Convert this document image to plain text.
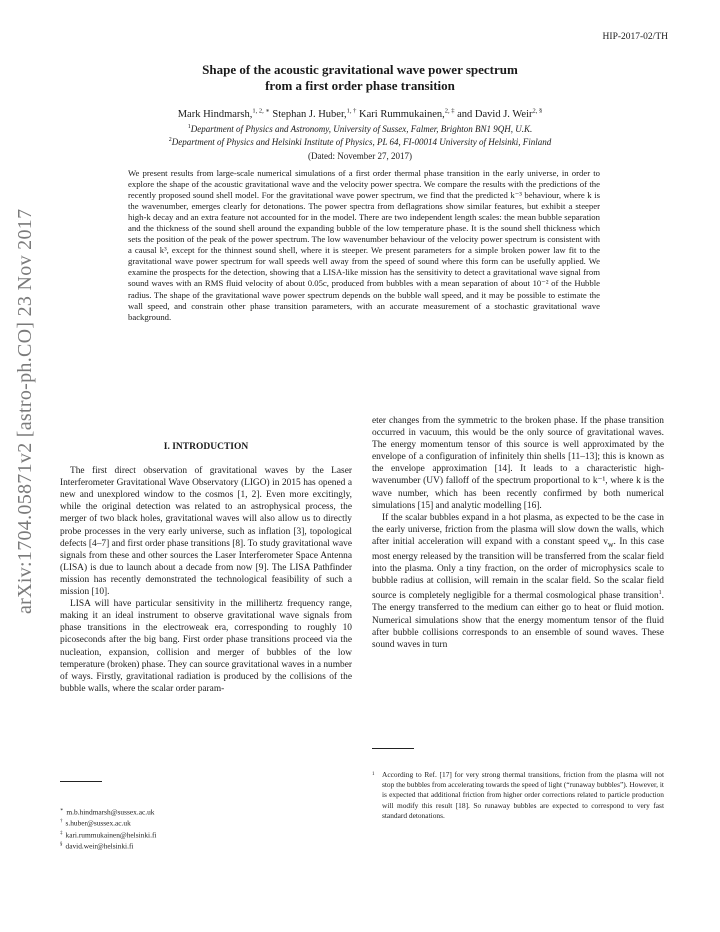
HIP-2017-02/TH
arXiv:1704.05871v2 [astro-ph.CO] 23 Nov 2017
Shape of the acoustic gravitational wave power spectrum
from a first order phase transition
Mark Hindmarsh,$^{1, 2, ∗}$ Stephan J. Huber,$^{1, \dagger}$ Kari Rummukainen,$^{2, \ddagger}$ and David J. Weir$^{2, \S}$
$^1$Department of Physics and Astronomy, University of Sussex, Falmer, Brighton BN1 9QH, U.K.
$^2$Department of Physics and Helsinki Institute of Physics, PL 64, FI-00014 University of Helsinki, Finland
(Dated: November 27, 2017)
We present results from large-scale numerical simulations of a first order thermal phase transition in the early universe, in order to explore the shape of the acoustic gravitational wave and the velocity power spectra. We compare the results with the predictions of the recently proposed sound shell model. For the gravitational wave power spectrum, we find that the predicted k⁻³ behaviour, where k is the wavenumber, emerges clearly for detonations. The power spectra from deflagrations show similar features, but exhibit a steeper high-k decay and an extra feature not accounted for in the model. There are two independent length scales: the mean bubble separation and the thickness of the sound shell around the expanding bubble of the low temperature phase. It is the sound shell thickness which sets the position of the peak of the power spectrum. The low wavenumber behaviour of the velocity power spectrum is consistent with a causal k³, except for the thinnest sound shell, where it is steeper. We present parameters for a simple broken power law fit to the gravitational wave power spectrum for wall speeds well away from the speed of sound where this form can be usefully applied. We examine the prospects for the detection, showing that a LISA-like mission has the sensitivity to detect a gravitational wave signal from sound waves with an RMS fluid velocity of about 0.05c, produced from bubbles with a mean separation of about 10⁻² of the Hubble radius. The shape of the gravitational wave power spectrum depends on the bubble wall speed, and it may be possible to estimate the wall speed, and constrain other phase transition parameters, with an accurate measurement of a stochastic gravitational wave background.
I. INTRODUCTION

The first direct observation of gravitational waves by the Laser Interferometer Gravitational Wave Observatory (LIGO) in 2015 has opened a new and unexplored window to the cosmos [1, 2]. Even more excitingly, while the original detection was related to an astrophysical process, the merger of two black holes, gravitational waves will also allow us to directly probe processes in the very early universe, such as inflation [3], topological defects [4–7] and first order phase transitions [8]. To study gravitational wave signals from these and other sources the Laser Interferometer Space Antenna (LISA) is due to launch about a decade from now [9]. The LISA Pathfinder mission has recently demonstrated the technological feasibility of such a mission [10].

LISA will have particular sensitivity in the millihertz frequency range, making it an ideal instrument to observe gravitational wave signals from phase transitions in the electroweak era, corresponding to roughly 10 picoseconds after the big bang. First order phase transitions proceed via the nucleation, expansion, collision and merger of bubbles of the low temperature (broken) phase. They can source gravitational waves in a number of ways. Firstly, gravitational radiation is produced by the collisions of the bubble walls, where the scalar order param-

eter changes from the symmetric to the broken phase. If the phase transition occurred in vacuum, this would be the only source of gravitational waves. The energy momentum tensor of this source is well approximated by the envelope of a configuration of infinitely thin shells [11–13]; this is known as the envelope approximation [14]. It leads to a characteristic high-wavenumber (UV) falloff of the spectrum proportional to k⁻¹, where k is the wave number, which has been recently confirmed by both numerical simulations [15] and analytic modelling [16].

If the scalar bubbles expand in a hot plasma, as expected to be the case in the early universe, friction from the plasma will slow down the walls, which after initial acceleration will expand with a constant speed $v_w$. In this case most energy released by the transition will be transferred from the scalar field into the plasma. Only a tiny fraction, on the order of microphysics scale to bubble radius at collision, will remain in the scalar field. So the scalar field source is completely negligible for a thermal cosmological phase transition$^1$. The energy transferred to the medium can either go to heat or fluid motion. Numerical simulations show that the energy momentum tensor of the fluid after bubble collisions corresponds to an ensemble of sound waves. These sound waves in turn

∗ m.b.hindmarsh@sussex.ac.uk
† s.huber@sussex.ac.uk
‡ kari.rummukainen@helsinki.fi
§ david.weir@helsinki.fi
1	According to Ref. [17] for very strong thermal transitions, friction from the plasma will not stop the bubbles from accelerating towards the speed of light (“runaway bubbles”). However, it is expected that additional friction from higher order corrections related to particle production will modify this result [18]. So runaway bubbles are expected to correspond to very fast standard detonations.
